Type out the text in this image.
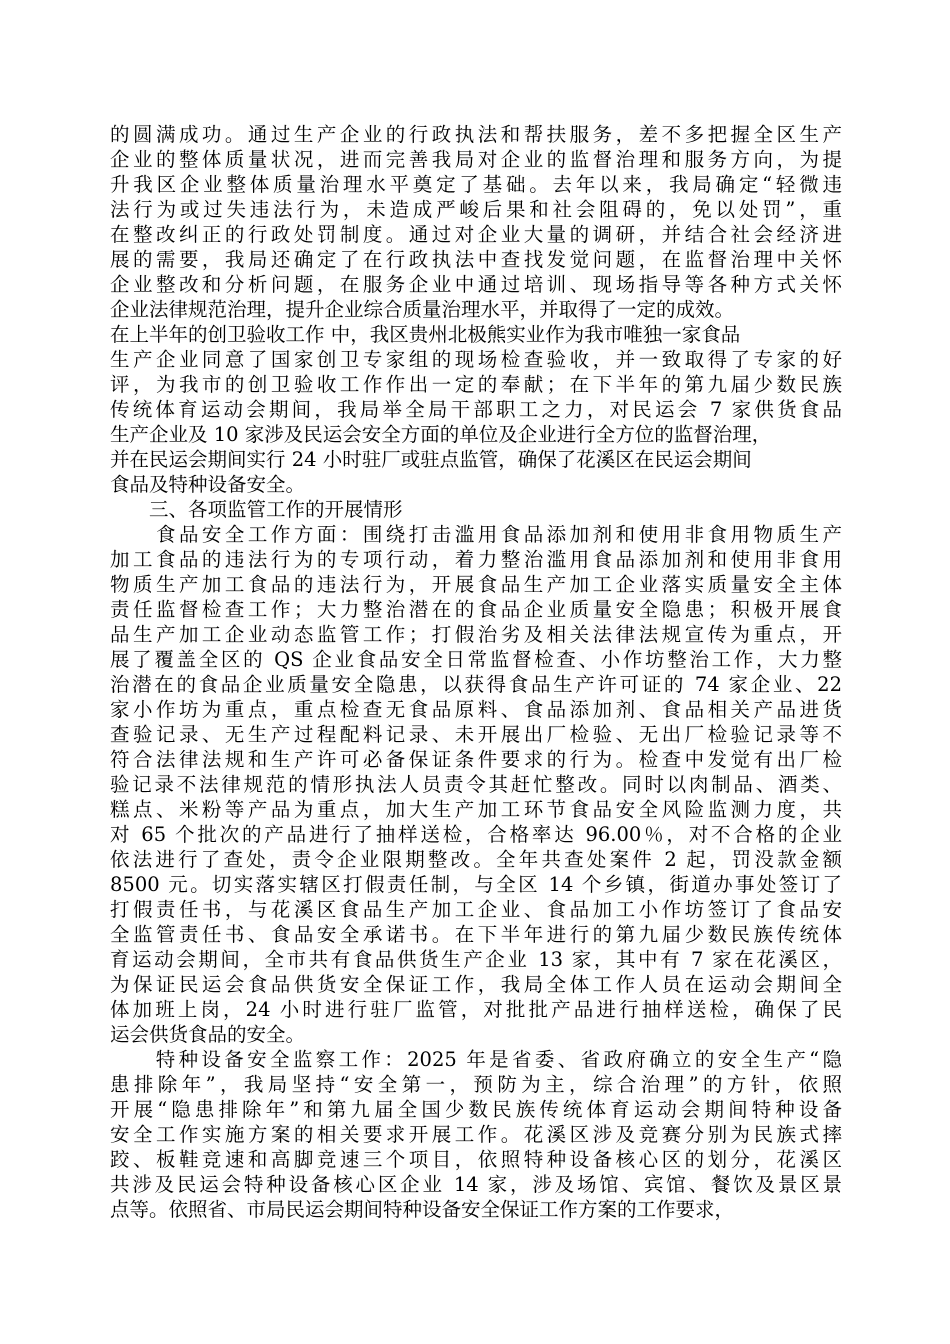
的圆满成功。通过生产企业的行政执法和帮扶服务，差不多把握全区生产
企业的整体质量状况，进而完善我局对企业的监督治理和服务方向，为提
升我区企业整体质量治理水平奠定了基础。去年以来，我局确定“轻微违
法行为或过失违法行为，未造成严峻后果和社会阻碍的，免以处罚”，重
在整改纠正的行政处罚制度。通过对企业大量的调研，并结合社会经济进
展的需要，我局还确定了在行政执法中查找发觉问题，在监督治理中关怀
企业整改和分析问题，在服务企业中通过培训、现场指导等各种方式关怀
企业法律规范治理，提升企业综合质量治理水平，并取得了一定的成效。
在上半年的创卫验收工作 中，我区贵州北极熊实业作为我市唯独一家食品
生产企业同意了国家创卫专家组的现场检查验收，并一致取得了专家的好
评，为我市的创卫验收工作作出一定的奉献；在下半年的第九届少数民族
传统体育运动会期间，我局举全局干部职工之力，对民运会 7 家供货食品
生产企业及 10 家涉及民运会安全方面的单位及企业进行全方位的监督治理，
并在民运会期间实行 24 小时驻厂或驻点监管，确保了花溪区在民运会期间
食品及特种设备安全。
　　三、各项监管工作的开展情形
　　食品安全工作方面：围绕打击滥用食品添加剂和使用非食用物质生产
加工食品的违法行为的专项行动，着力整治滥用食品添加剂和使用非食用
物质生产加工食品的违法行为，开展食品生产加工企业落实质量安全主体
责任监督检查工作；大力整治潜在的食品企业质量安全隐患；积极开展食
品生产加工企业动态监管工作；打假治劣及相关法律法规宣传为重点，开
展了覆盖全区的 QS 企业食品安全日常监督检查、小作坊整治工作，大力整
治潜在的食品企业质量安全隐患，以获得食品生产许可证的 74 家企业、22
家小作坊为重点，重点检查无食品原料、食品添加剂、食品相关产品进货
查验记录、无生产过程配料记录、未开展出厂检验、无出厂检验记录等不
符合法律法规和生产许可必备保证条件要求的行为。检查中发觉有出厂检
验记录不法律规范的情形执法人员责令其赶忙整改。同时以肉制品、酒类、
糕点、米粉等产品为重点，加大生产加工环节食品安全风险监测力度，共
对 65 个批次的产品进行了抽样送检，合格率达 96.00％，对不合格的企业
依法进行了查处，责令企业限期整改。全年共查处案件 2 起，罚没款金额
8500 元。切实落实辖区打假责任制，与全区 14 个乡镇，街道办事处签订了
打假责任书，与花溪区食品生产加工企业、食品加工小作坊签订了食品安
全监管责任书、食品安全承诺书。在下半年进行的第九届少数民族传统体
育运动会期间，全市共有食品供货生产企业 13 家，其中有 7 家在花溪区，
为保证民运会食品供货安全保证工作，我局全体工作人员在运动会期间全
体加班上岗，24 小时进行驻厂监管，对批批产品进行抽样送检，确保了民
运会供货食品的安全。
　　特种设备安全监察工作：2025 年是省委、省政府确立的安全生产“隐
患排除年”，我局坚持“安全第一，预防为主，综合治理”的方针，依照
开展“隐患排除年”和第九届全国少数民族传统体育运动会期间特种设备
安全工作实施方案的相关要求开展工作。花溪区涉及竞赛分别为民族式摔
跤、板鞋竞速和高脚竞速三个项目，依照特种设备核心区的划分，花溪区
共涉及民运会特种设备核心区企业 14 家，涉及场馆、宾馆、餐饮及景区景
点等。依照省、市局民运会期间特种设备安全保证工作方案的工作要求，
